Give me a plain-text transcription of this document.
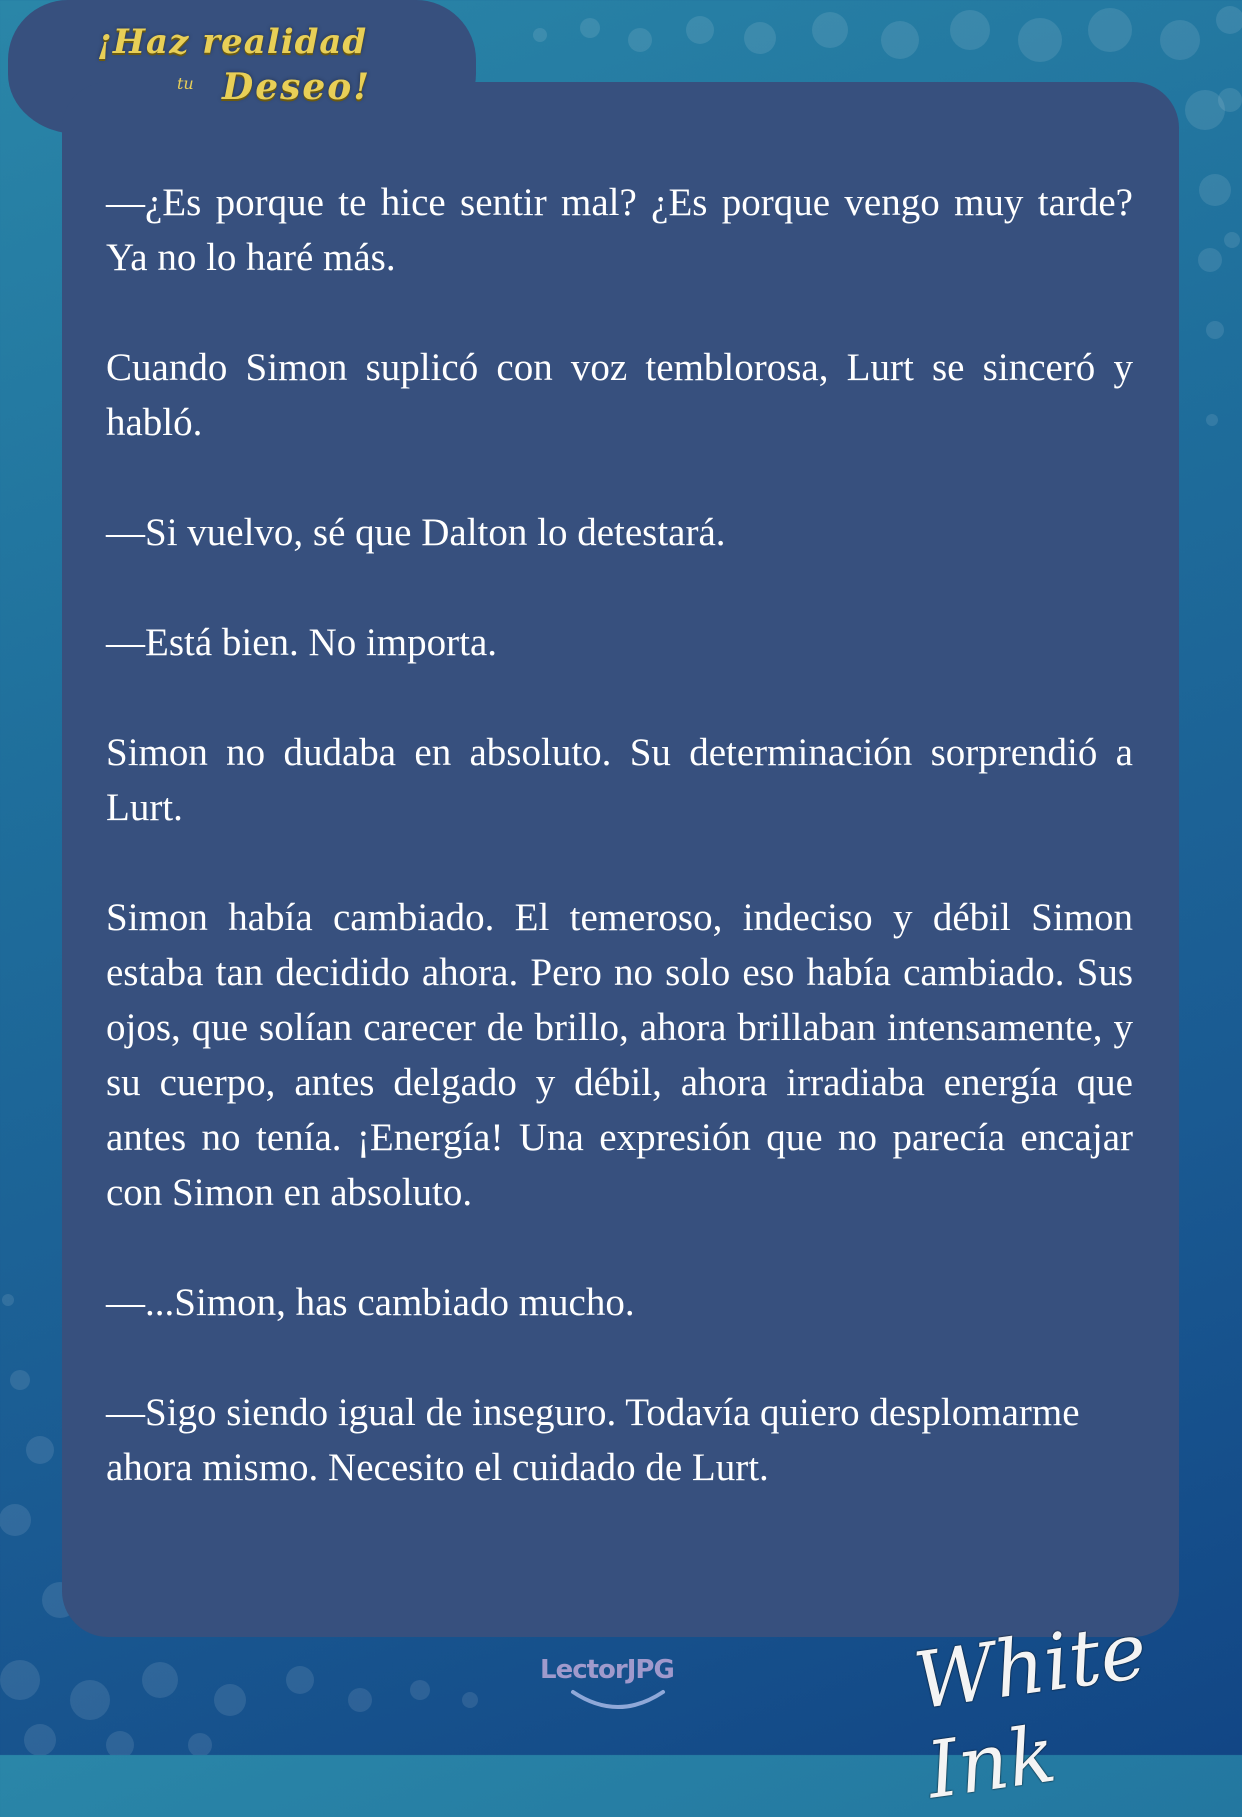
¡Haz realidad
tu Deseo!

—¿Es porque te hice sentir mal? ¿Es porque vengo muy tarde? Ya no lo haré más.

Cuando Simon suplicó con voz temblorosa, Lurt se sinceró y habló.

—Si vuelvo, sé que Dalton lo detestará.

—Está bien. No importa.

Simon no dudaba en absoluto. Su determinación sorprendió a Lurt.

Simon había cambiado. El temeroso, indeciso y débil Simon estaba tan decidido ahora. Pero no solo eso había cambiado. Sus ojos, que solían carecer de brillo, ahora brillaban intensamente, y su cuerpo, antes delgado y débil, ahora irradiaba energía que antes no tenía. ¡Energía! Una expresión que no parecía encajar con Simon en absoluto.

—...Simon, has cambiado mucho.

—Sigo siendo igual de inseguro. Todavía quiero desplomarme ahora mismo. Necesito el cuidado de Lurt.

LectorJPG	White Ink
